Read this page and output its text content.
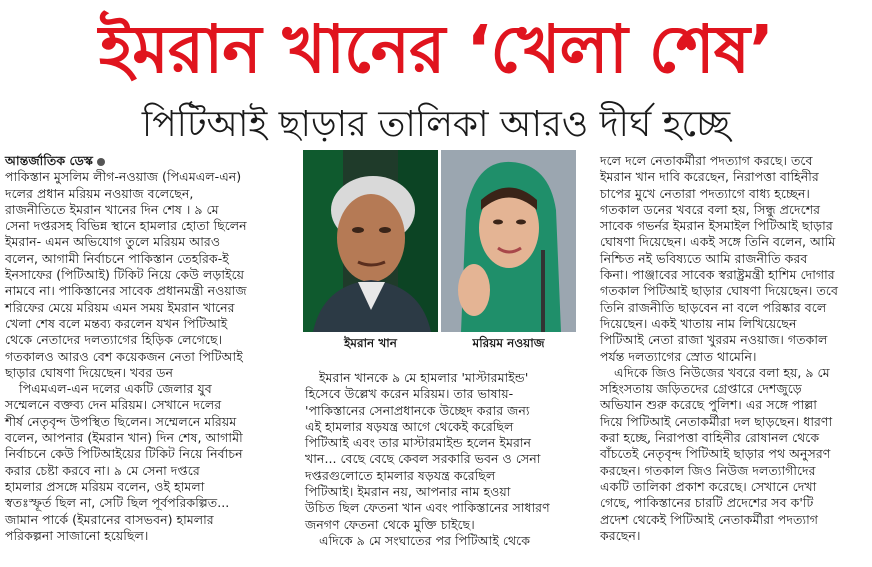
ইমরান খানের ‘খেলা শেষ’
পিটিআই ছাড়ার তালিকা আরও দীর্ঘ হচ্ছে

আন্তর্জাতিক ডেস্ক

পাকিস্তান মুসলিম লীগ-নওয়াজ (পিএমএল-এন)

দলের প্রধান মরিয়ম নওয়াজ বলেছেন,

রাজনীতিতে ইমরান খানের দিন শেষ । ৯ মে

সেনা দপ্তরসহ বিভিন্ন স্থানে হামলার হোতা ছিলেন

ইমরান- এমন অভিযোগ তুলে মরিয়ম আরও

বলেন, আগামী নির্বাচনে পাকিস্তান তেহরিক-ই

ইনসাফের (পিটিআই) টিকিট নিয়ে কেউ লড়াইয়ে

নামবে না। পাকিস্তানের সাবেক প্রধানমন্ত্রী নওয়াজ

শরিফের মেয়ে মরিয়ম এমন সময় ইমরান খানের

খেলা শেষ বলে মন্তব্য করলেন যখন পিটিআই

থেকে নেতাদের দলত্যাগের হিড়িক লেগেছে।

গতকালও আরও বেশ কয়েকজন নেতা পিটিআই

ছাড়ার ঘোষণা দিয়েছেন। খবর ডন

পিএমএল-এন দলের একটি জেলার যুব

সম্মেলনে বক্তব্য দেন মরিয়ম। সেখানে দলের

শীর্ষ নেতৃবৃন্দ উপস্থিত ছিলেন। সম্মেলনে মরিয়ম

বলেন, আপনার (ইমরান খান) দিন শেষ, আগামী

নির্বাচনে কেউ পিটিআইয়ের টিকিট নিয়ে নির্বাচন

করার চেষ্টা করবে না। ৯ মে সেনা দপ্তরে

হামলার প্রসঙ্গে মরিয়ম বলেন, ওই হামলা

স্বতঃস্ফূর্ত ছিল না, সেটি ছিল পূর্বপরিকল্পিত...

জামান পার্কে (ইমরানের বাসভবন) হামলার

পরিকল্পনা সাজানো হয়েছিল।

ইমরান খান	মরিয়ম নওয়াজ

ইমরান খানকে ৯ মে হামলার 'মাস্টারমাইন্ড'

হিসেবে উল্লেখ করেন মরিয়ম। তার ভাষায়-

'পাকিস্তানের সেনাপ্রধানকে উচ্ছেদ করার জন্য

এই হামলার ষড়যন্ত্র আগে থেকেই করেছিল

পিটিআই এবং তার মাস্টারমাইন্ড হলেন ইমরান

খান... বেছে বেছে কেবল সরকারি ভবন ও সেনা

দপ্তরগুলোতে হামলার ষড়যন্ত্র করেছিল

পিটিআই। ইমরান নয়, আপনার নাম হওয়া

উচিত ছিল ফেতনা খান এবং পাকিস্তানের সাধারণ

জনগণ ফেতনা থেকে মুক্তি চাইছে।

এদিকে ৯ মে সংঘাতের পর পিটিআই থেকে

দলে দলে নেতাকর্মীরা পদত্যাগ করছে। তবে

ইমরান খান দাবি করেছেন, নিরাপত্তা বাহিনীর

চাপের মুখে নেতারা পদত্যাগে বাধ্য হচ্ছেন।

গতকাল ডনের খবরে বলা হয়, সিন্ধু প্রদেশের

সাবেক গভর্নর ইমরান ইসমাইল পিটিআই ছাড়ার

ঘোষণা দিয়েছেন। একই সঙ্গে তিনি বলেন, আমি

নিশ্চিত নই ভবিষ্যতে আমি রাজনীতি করব

কিনা। পাঞ্জাবের সাবেক স্বরাষ্ট্রমন্ত্রী হাশিম দোগার

গতকাল পিটিআই ছাড়ার ঘোষণা দিয়েছেন। তবে

তিনি রাজনীতি ছাড়বেন না বলে পরিষ্কার বলে

দিয়েছেন। একই খাতায় নাম লিখিয়েছেন

পিটিআই নেতা রাজা খুররম নওয়াজ। গতকাল

পর্যন্ত দলত্যাগের স্রোত থামেনি।

এদিকে জিও নিউজের খবরে বলা হয়, ৯ মে

সহিংসতায় জড়িতদের গ্রেপ্তারে দেশজুড়ে

অভিযান শুরু করেছে পুলিশ। এর সঙ্গে পাল্লা

দিয়ে পিটিআই নেতাকর্মীরা দল ছাড়ছেন। ধারণা

করা হচ্ছে, নিরাপত্তা বাহিনীর রোষানল থেকে

বাঁচতেই নেতৃবৃন্দ পিটিআই ছাড়ার পথ অনুসরণ

করছেন। গতকাল জিও নিউজ দলত্যাগীদের

একটি তালিকা প্রকাশ করেছে। সেখানে দেখা

গেছে, পাকিস্তানের চারটি প্রদেশের সব ক'টি

প্রদেশ থেকেই পিটিআই নেতাকর্মীরা পদত্যাগ

করছেন।
